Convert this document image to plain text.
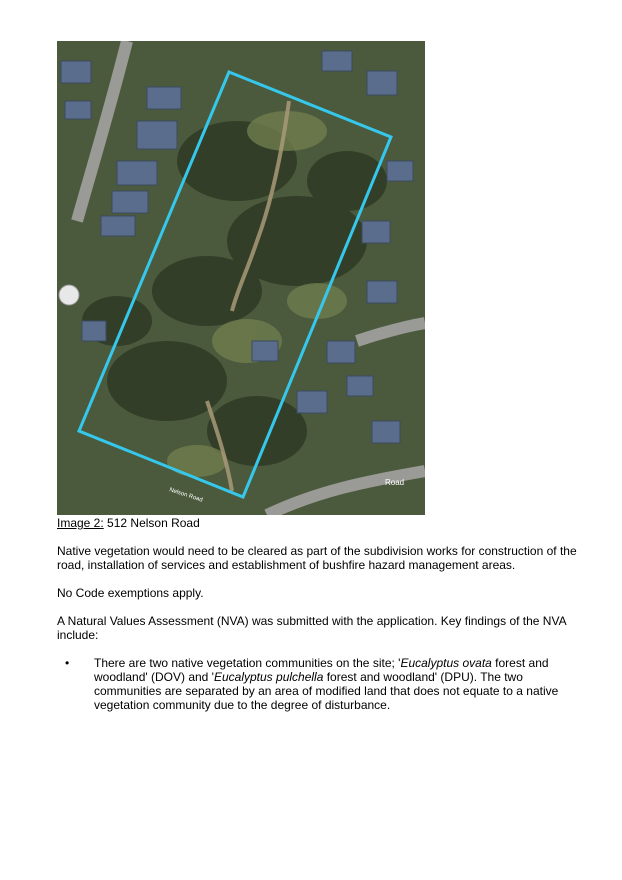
Nelson Road
Road
Image 2: 512 Nelson Road

Native vegetation would need to be cleared as part of the subdivision works for construction of the road, installation of services and establishment of bushfire hazard management areas.

No Code exemptions apply.

A Natural Values Assessment (NVA) was submitted with the application. Key findings of the NVA include:

• There are two native vegetation communities on the site; 'Eucalyptus ovata forest and woodland' (DOV) and 'Eucalyptus pulchella forest and woodland' (DPU). The two communities are separated by an area of modified land that does not equate to a native vegetation community due to the degree of disturbance.
